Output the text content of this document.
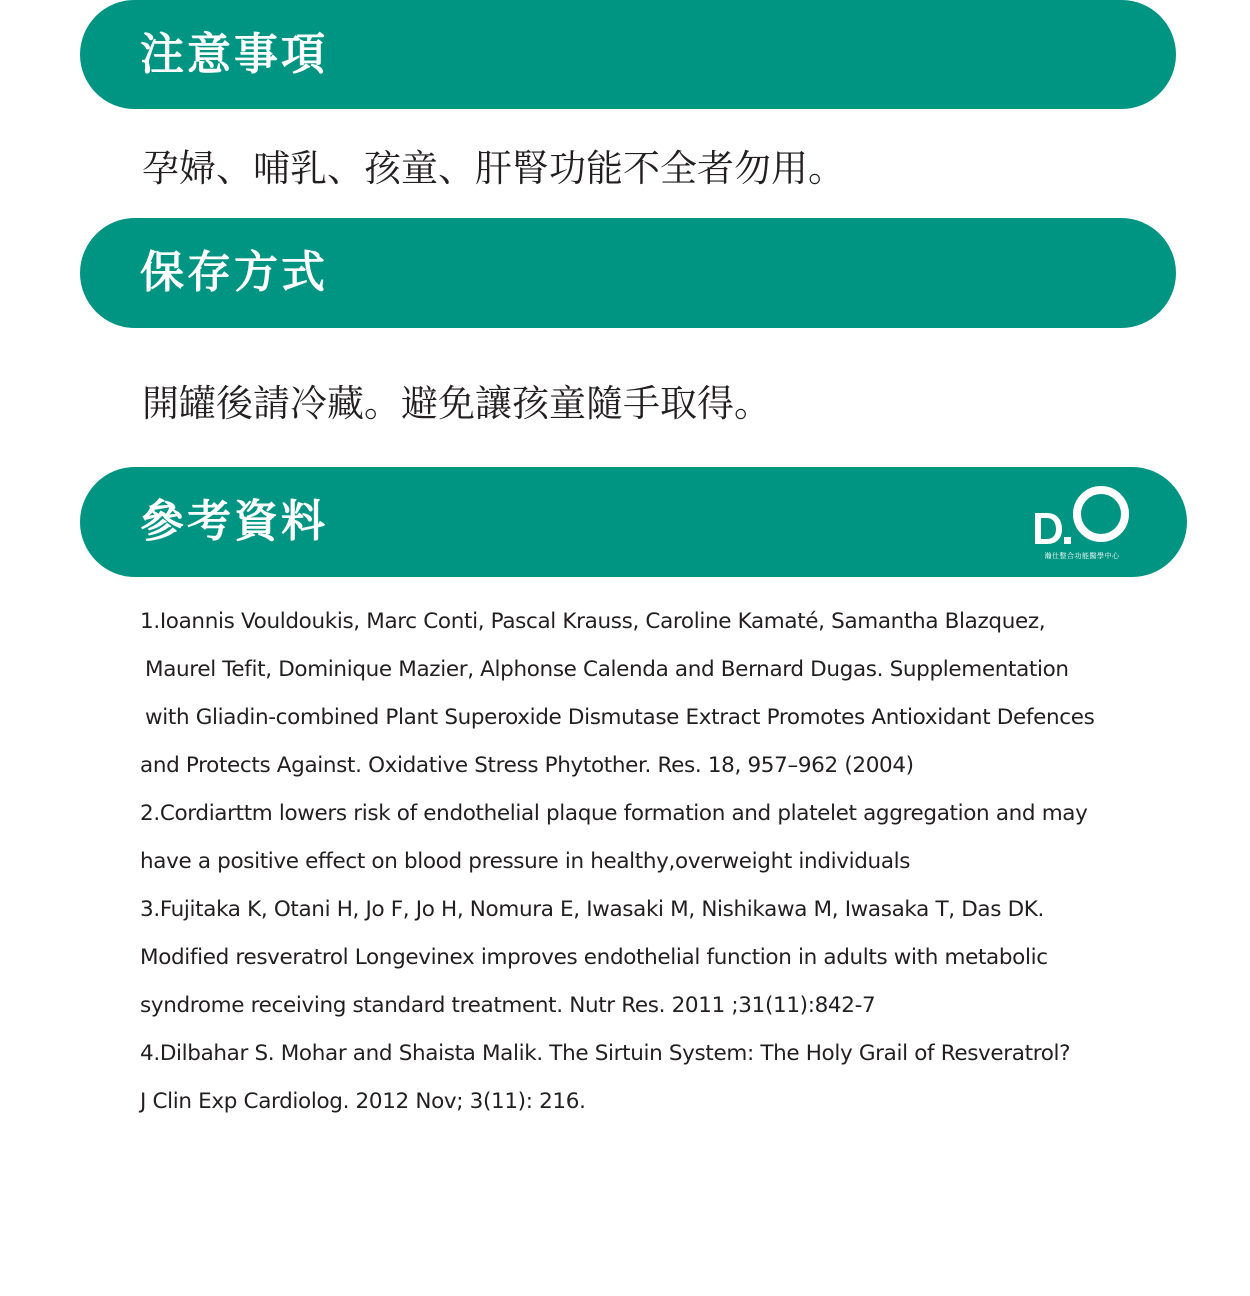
注意事項
孕婦、哺乳、孩童、肝腎功能不全者勿用。
保存方式
開罐後請冷藏。避免讓孩童隨手取得。
參考資料
瀚仕整合功能醫學中心
1.Ioannis Vouldoukis, Marc Conti, Pascal Krauss, Caroline Kamaté, Samantha Blazquez,
Maurel Tefit, Dominique Mazier, Alphonse Calenda and Bernard Dugas. Supplementation
with Gliadin-combined Plant Superoxide Dismutase Extract Promotes Antioxidant Defences
and Protects Against. Oxidative Stress Phytother. Res. 18, 957–962 (2004)
2.Cordiarttm lowers risk of endothelial plaque formation and platelet aggregation and may
have a positive effect on blood pressure in healthy,overweight individuals
3.Fujitaka K, Otani H, Jo F, Jo H, Nomura E, Iwasaki M, Nishikawa M, Iwasaka T, Das DK.
Modified resveratrol Longevinex improves endothelial function in adults with metabolic
syndrome receiving standard treatment. Nutr Res. 2011 ;31(11):842-7
4.Dilbahar S. Mohar and Shaista Malik. The Sirtuin System: The Holy Grail of Resveratrol?
J Clin Exp Cardiolog. 2012 Nov; 3(11): 216.
